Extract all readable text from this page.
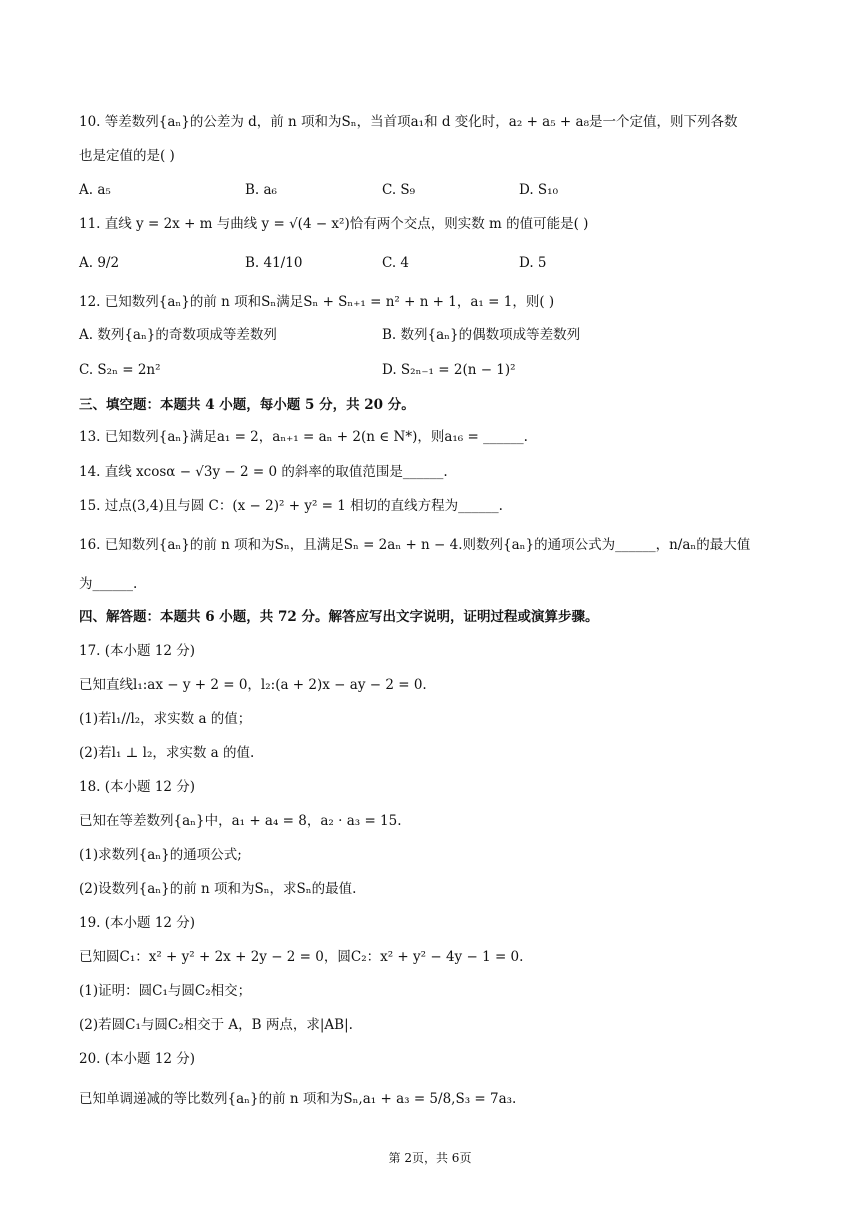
10. 等差数列{aₙ}的公差为 d，前 n 项和为Sₙ，当首项a₁和 d 变化时，a₂ + a₅ + a₈是一个定值，则下列各数
也是定值的是( )
A. a₅	B. a₆	C. S₉	D. S₁₀
11. 直线 y = 2x + m 与曲线 y = √(4 − x²)恰有两个交点，则实数 m 的值可能是( )
A. 9/2	B. 41/10	C. 4	D. 5
12. 已知数列{aₙ}的前 n 项和Sₙ满足Sₙ + Sₙ₊₁ = n² + n + 1，a₁ = 1，则( )
A. 数列{aₙ}的奇数项成等差数列	B. 数列{aₙ}的偶数项成等差数列
C. S₂ₙ = 2n²	D. S₂ₙ₋₁ = 2(n − 1)²
三、填空题：本题共 4 小题，每小题 5 分，共 20 分。
13. 已知数列{aₙ}满足a₁ = 2，aₙ₊₁ = aₙ + 2(n ∈ N*)，则a₁₆ = ______.
14. 直线 xcosα − √3y − 2 = 0 的斜率的取值范围是______.
15. 过点(3,4)且与圆 C：(x − 2)² + y² = 1 相切的直线方程为______.
16. 已知数列{aₙ}的前 n 项和为Sₙ，且满足Sₙ = 2aₙ + n − 4.则数列{aₙ}的通项公式为______，n/aₙ的最大值
为______.
四、解答题：本题共 6 小题，共 72 分。解答应写出文字说明，证明过程或演算步骤。
17. (本小题 12 分)
已知直线l₁:ax − y + 2 = 0，l₂:(a + 2)x − ay − 2 = 0.
(1)若l₁//l₂，求实数 a 的值；
(2)若l₁ ⊥ l₂，求实数 a 的值.
18. (本小题 12 分)
已知在等差数列{aₙ}中，a₁ + a₄ = 8，a₂ · a₃ = 15.
(1)求数列{aₙ}的通项公式;
(2)设数列{aₙ}的前 n 项和为Sₙ，求Sₙ的最值.
19. (本小题 12 分)
已知圆C₁：x² + y² + 2x + 2y − 2 = 0，圆C₂：x² + y² − 4y − 1 = 0.
(1)证明：圆C₁与圆C₂相交；
(2)若圆C₁与圆C₂相交于 A，B 两点，求|AB|.
20. (本小题 12 分)
已知单调递减的等比数列{aₙ}的前 n 项和为Sₙ,a₁ + a₃ = 5/8,S₃ = 7a₃.
第 2页，共 6页
